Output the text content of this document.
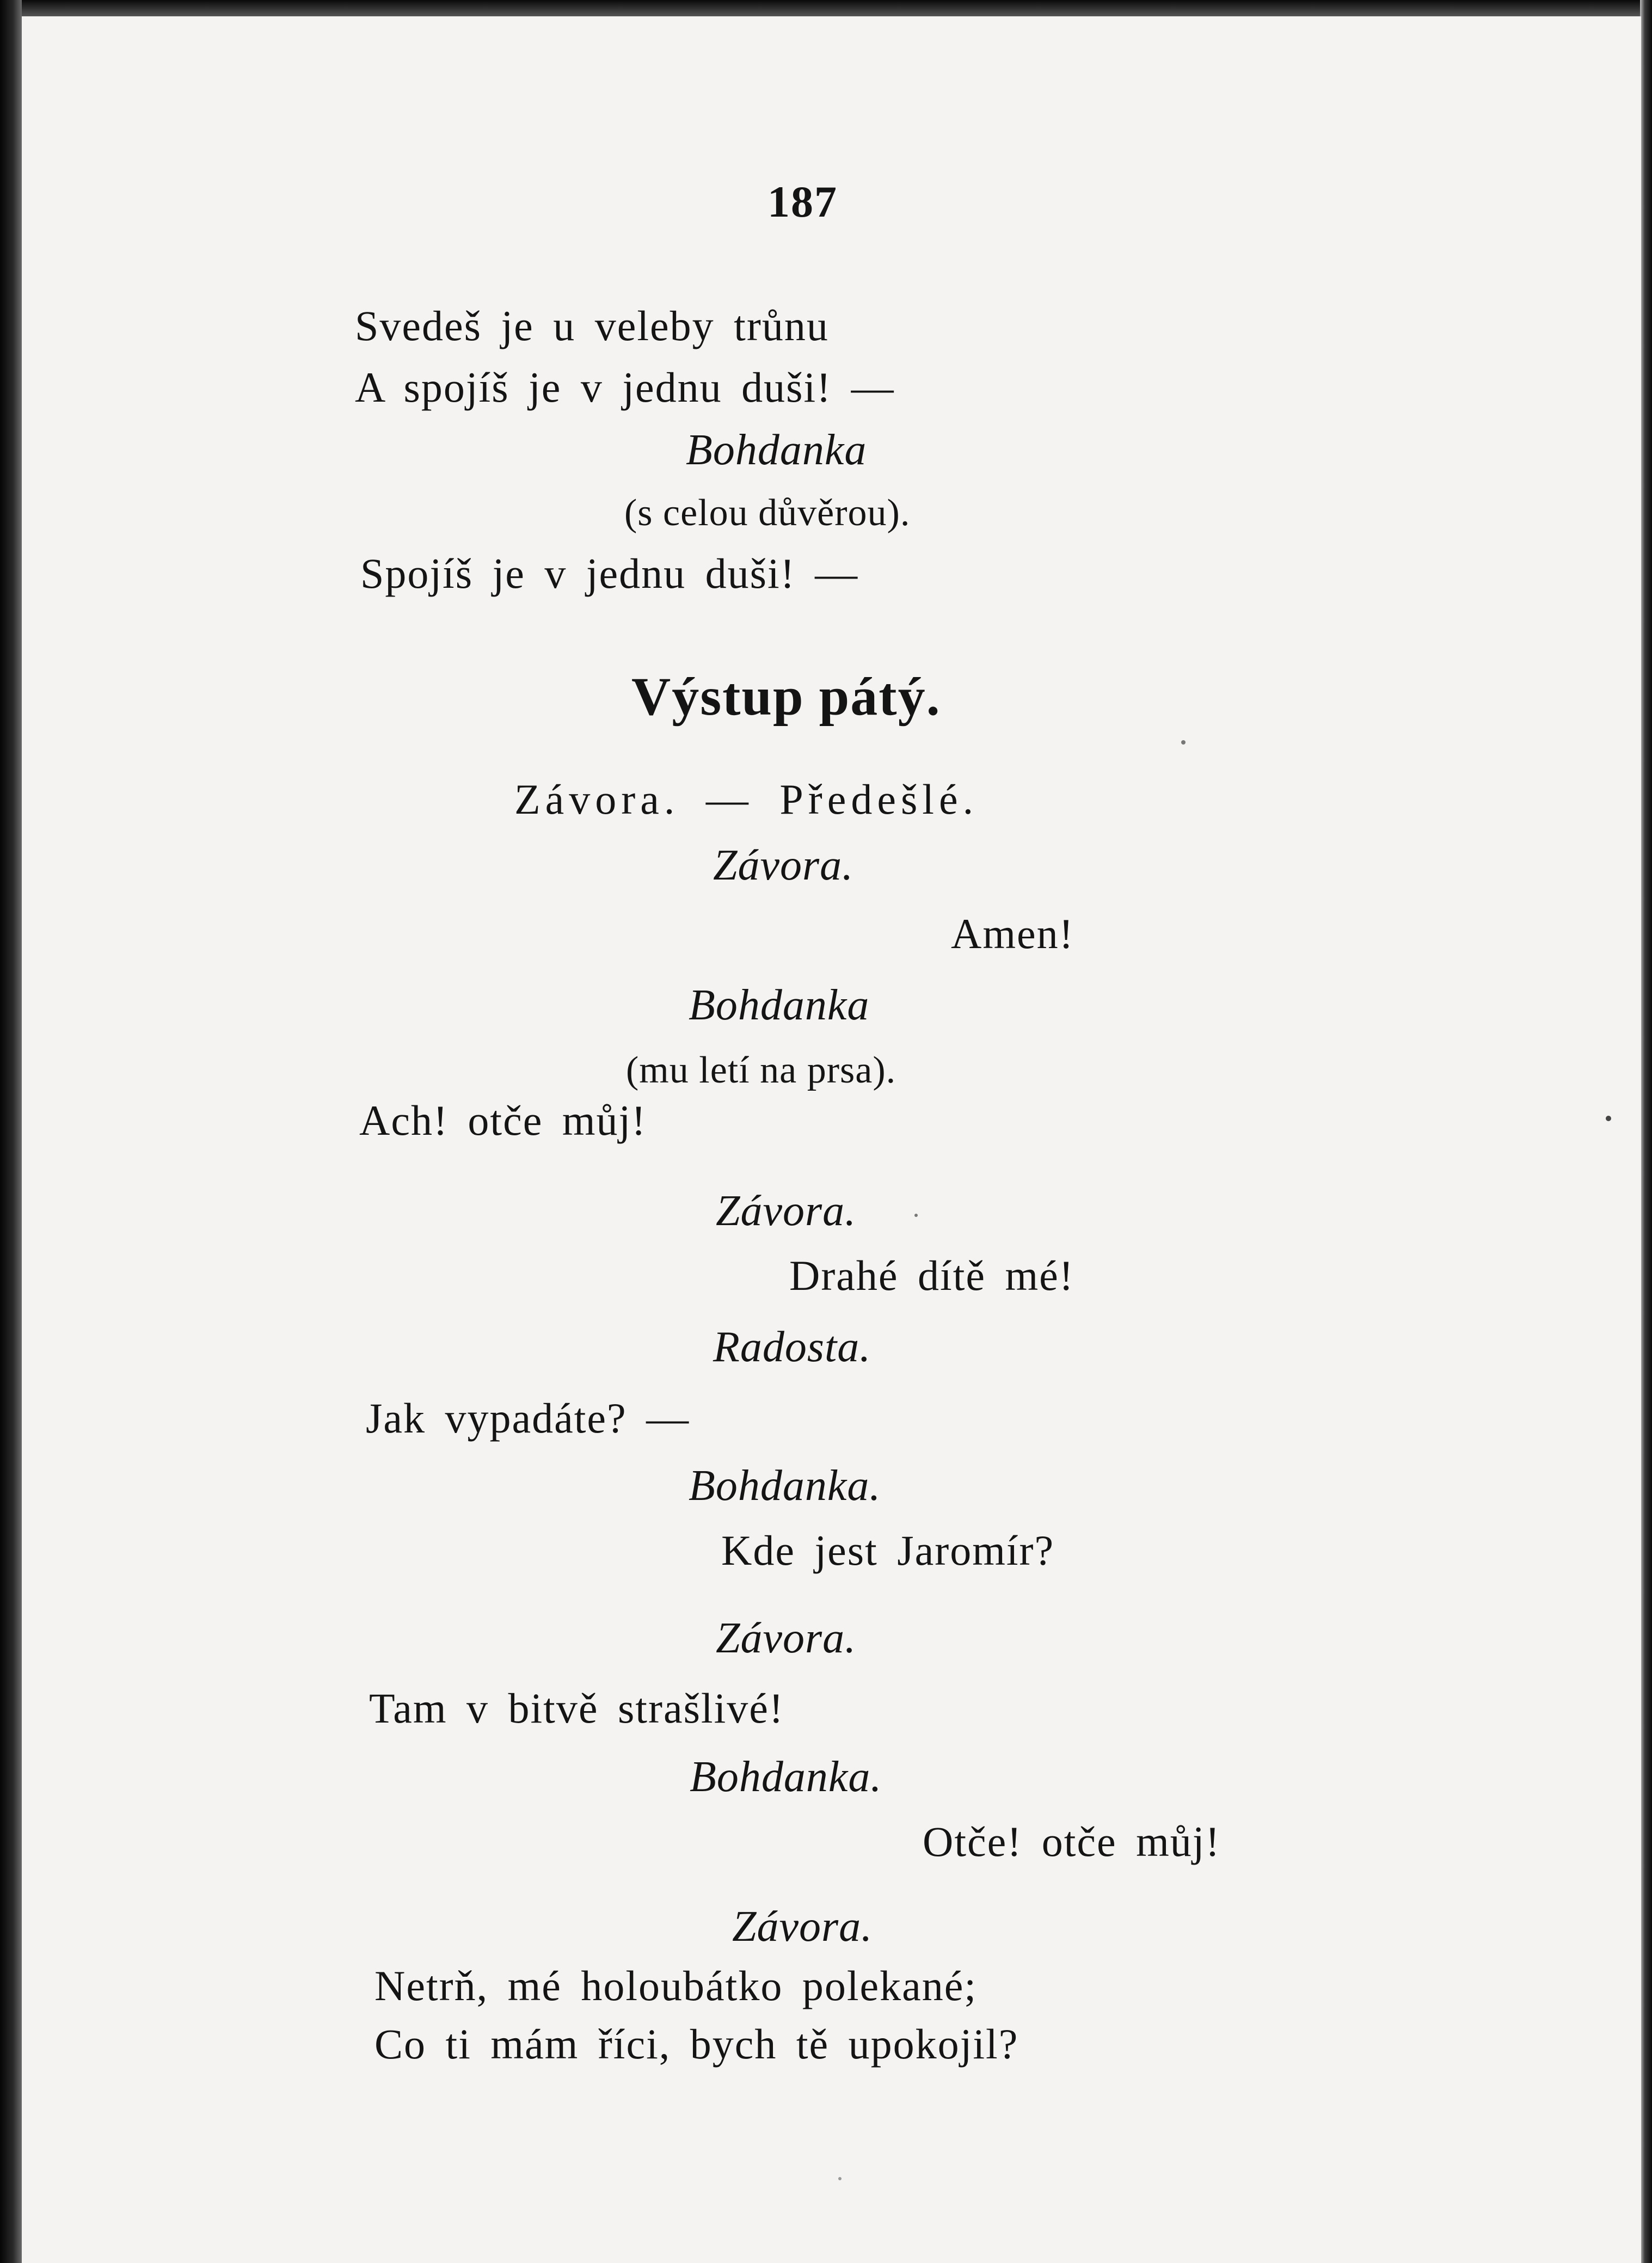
187
Svedeš je u veleby trůnu
A spojíš je v jednu duši! —
Bohdanka
(s celou důvěrou).
Spojíš je v jednu duši! —
Výstup pátý.
Závora. — Předešlé.
Závora.
Amen!
Bohdanka
(mu letí na prsa).
Ach! otče můj!
Závora.
Drahé dítě mé!
Radosta.
Jak vypadáte? —
Bohdanka.
Kde jest Jaromír?
Závora.
Tam v bitvě strašlivé!
Bohdanka.
Otče! otče můj!
Závora.
Netrň, mé holoubátko polekané;
Co ti mám říci, bych tě upokojil?
